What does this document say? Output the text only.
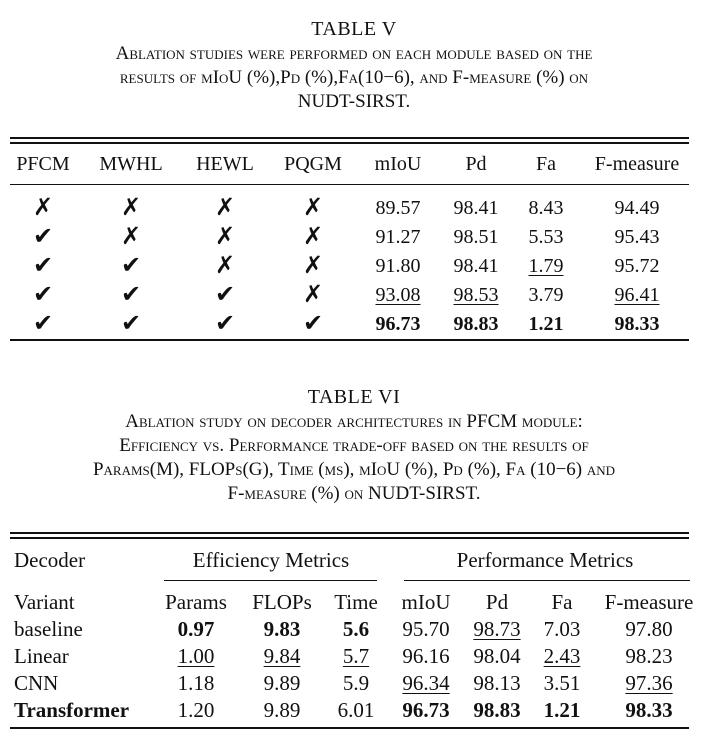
TABLE V
Ablation studies were performed on each module based on the
results of mIoU (%),Pd (%),Fa(10−6), and F-measure (%) on
NUDT-SIRST.
PFCM MWHL HEWL PQGM mIoU Pd Fa F-measure
✗	✗	✗	✗	89.57 98.41 8.43	94.49
✔	✗	✗	✗	91.27 98.51 5.53	95.43
✔	✔	✗	✗	91.80 98.41 1.79	95.72
✔	✔	✔	✗	93.08 98.53 3.79	96.41
✔	✔	✔	✔	96.73 98.83 1.21	98.33
TABLE VI
Ablation study on decoder architectures in PFCM module:
Efficiency vs. Performance trade-off based on the results of
Params(M), FLOPs(G), Time (ms), mIoU (%), Pd (%), Fa (10−6) and
F-measure (%) on NUDT-SIRST.
Decoder	Efficiency Metrics	Performance Metrics
Variant	Params FLOPs Time mIoU Pd Fa F-measure
baseline	0.97 9.83 5.6 95.70 98.73 7.03 97.80
Linear	1.00 9.84 5.7 96.16 98.04 2.43 98.23
CNN	1.18 9.89 5.9 96.34 98.13 3.51 97.36
Transformer 1.20 9.89 6.01 96.73 98.83 1.21 98.33
